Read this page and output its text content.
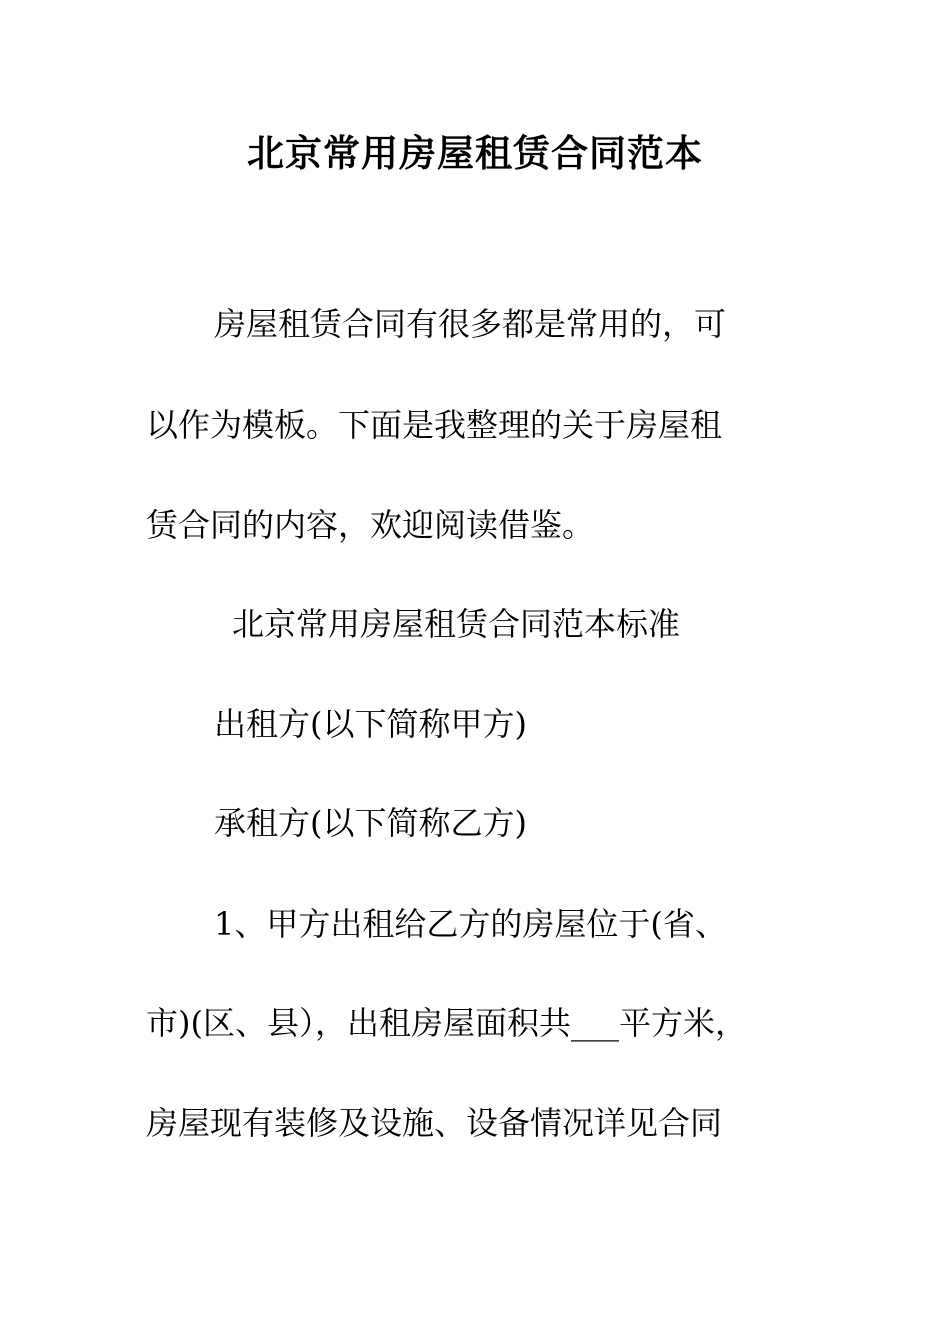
北京常用房屋租赁合同范本
房屋租赁合同有很多都是常用的，可
以作为模板。下面是我整理的关于房屋租
赁合同的内容，欢迎阅读借鉴。
北京常用房屋租赁合同范本标准
出租方(以下简称甲方)
承租方(以下简称乙方)
1、甲方出租给乙方的房屋位于(省、
市)(区、县），出租房屋面积共___平方米，
房屋现有装修及设施、设备情况详见合同
